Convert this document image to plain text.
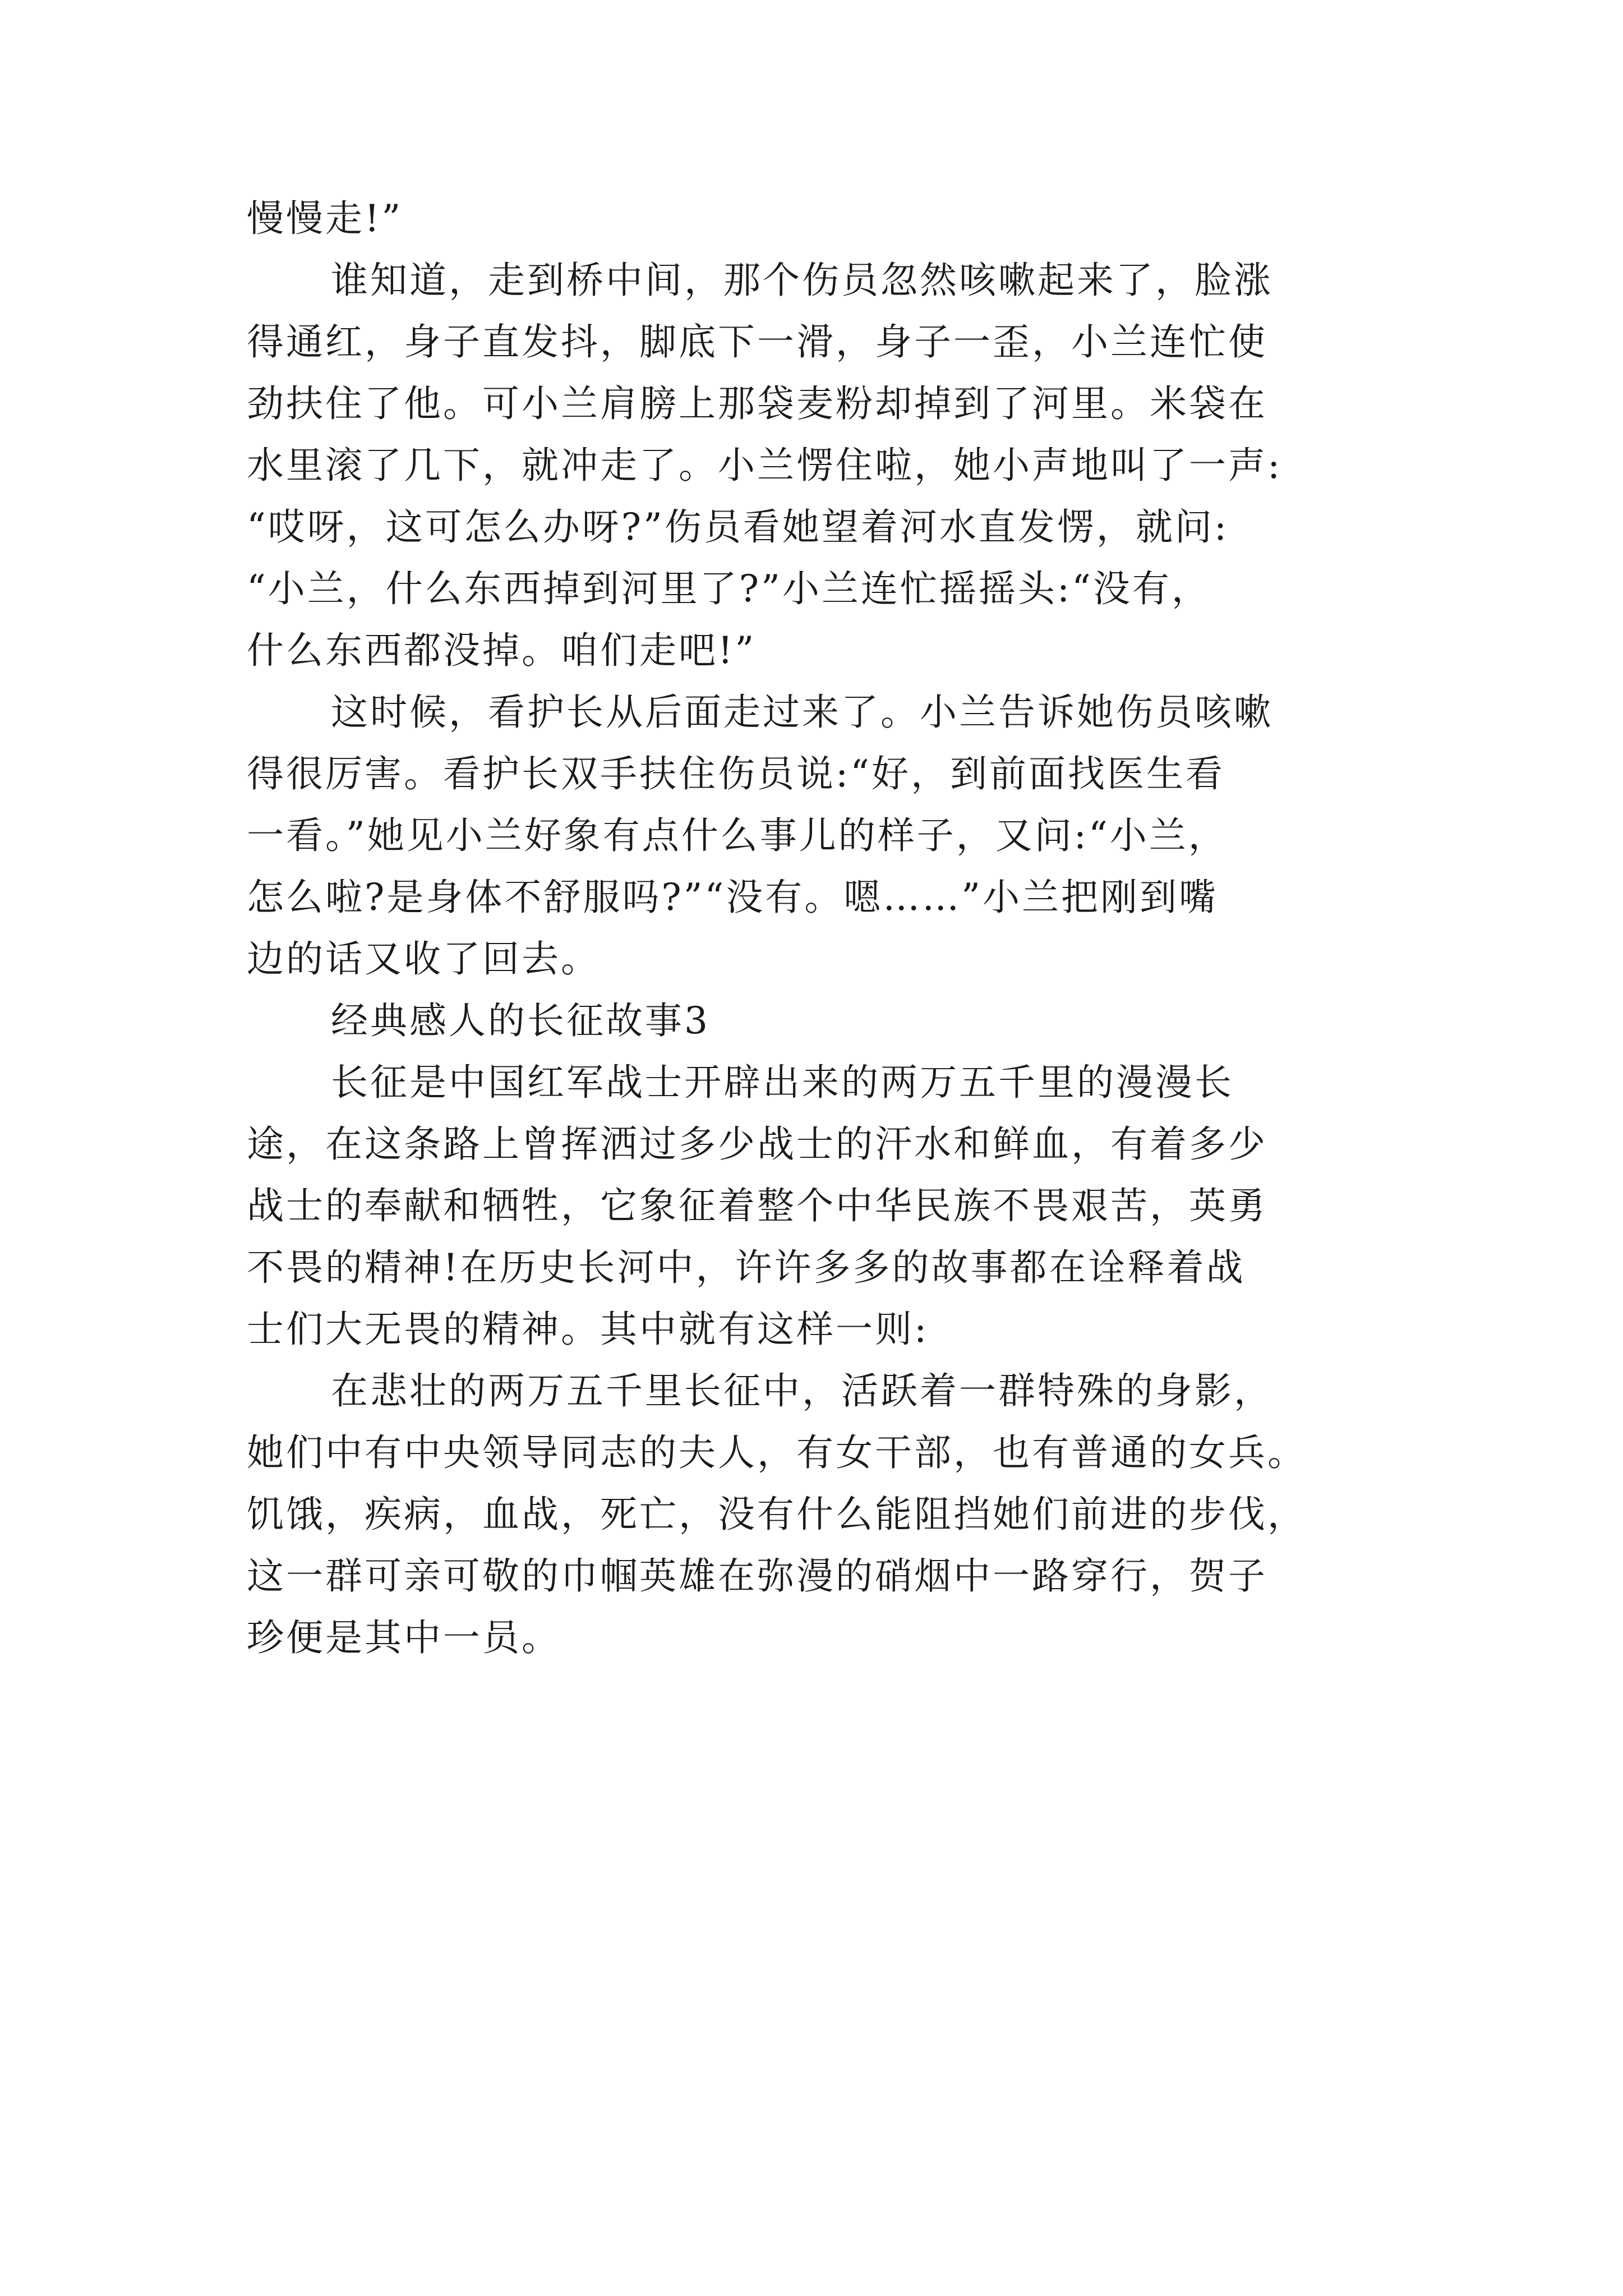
慢慢走!”

谁知道，走到桥中间，那个伤员忽然咳嗽起来了，脸涨
得通红，身子直发抖，脚底下一滑，身子一歪，小兰连忙使
劲扶住了他。可小兰肩膀上那袋麦粉却掉到了河里。米袋在
水里滚了几下，就冲走了。小兰愣住啦，她小声地叫了一声:
“哎呀，这可怎么办呀?”伤员看她望着河水直发愣，就问:
“小兰，什么东西掉到河里了?”小兰连忙摇摇头:“没有，
什么东西都没掉。咱们走吧!”

这时候，看护长从后面走过来了。小兰告诉她伤员咳嗽
得很厉害。看护长双手扶住伤员说:“好，到前面找医生看
一看。”她见小兰好象有点什么事儿的样子，又问:“小兰，
怎么啦?是身体不舒服吗?”“没有。嗯……”小兰把刚到嘴
边的话又收了回去。

经典感人的长征故事3

长征是中国红军战士开辟出来的两万五千里的漫漫长
途，在这条路上曾挥洒过多少战士的汗水和鲜血，有着多少
战士的奉献和牺牲，它象征着整个中华民族不畏艰苦，英勇
不畏的精神!在历史长河中，许许多多的故事都在诠释着战
士们大无畏的精神。其中就有这样一则:

在悲壮的两万五千里长征中，活跃着一群特殊的身影，
她们中有中央领导同志的夫人，有女干部，也有普通的女兵。
饥饿，疾病，血战，死亡，没有什么能阻挡她们前进的步伐，
这一群可亲可敬的巾帼英雄在弥漫的硝烟中一路穿行，贺子
珍便是其中一员。
